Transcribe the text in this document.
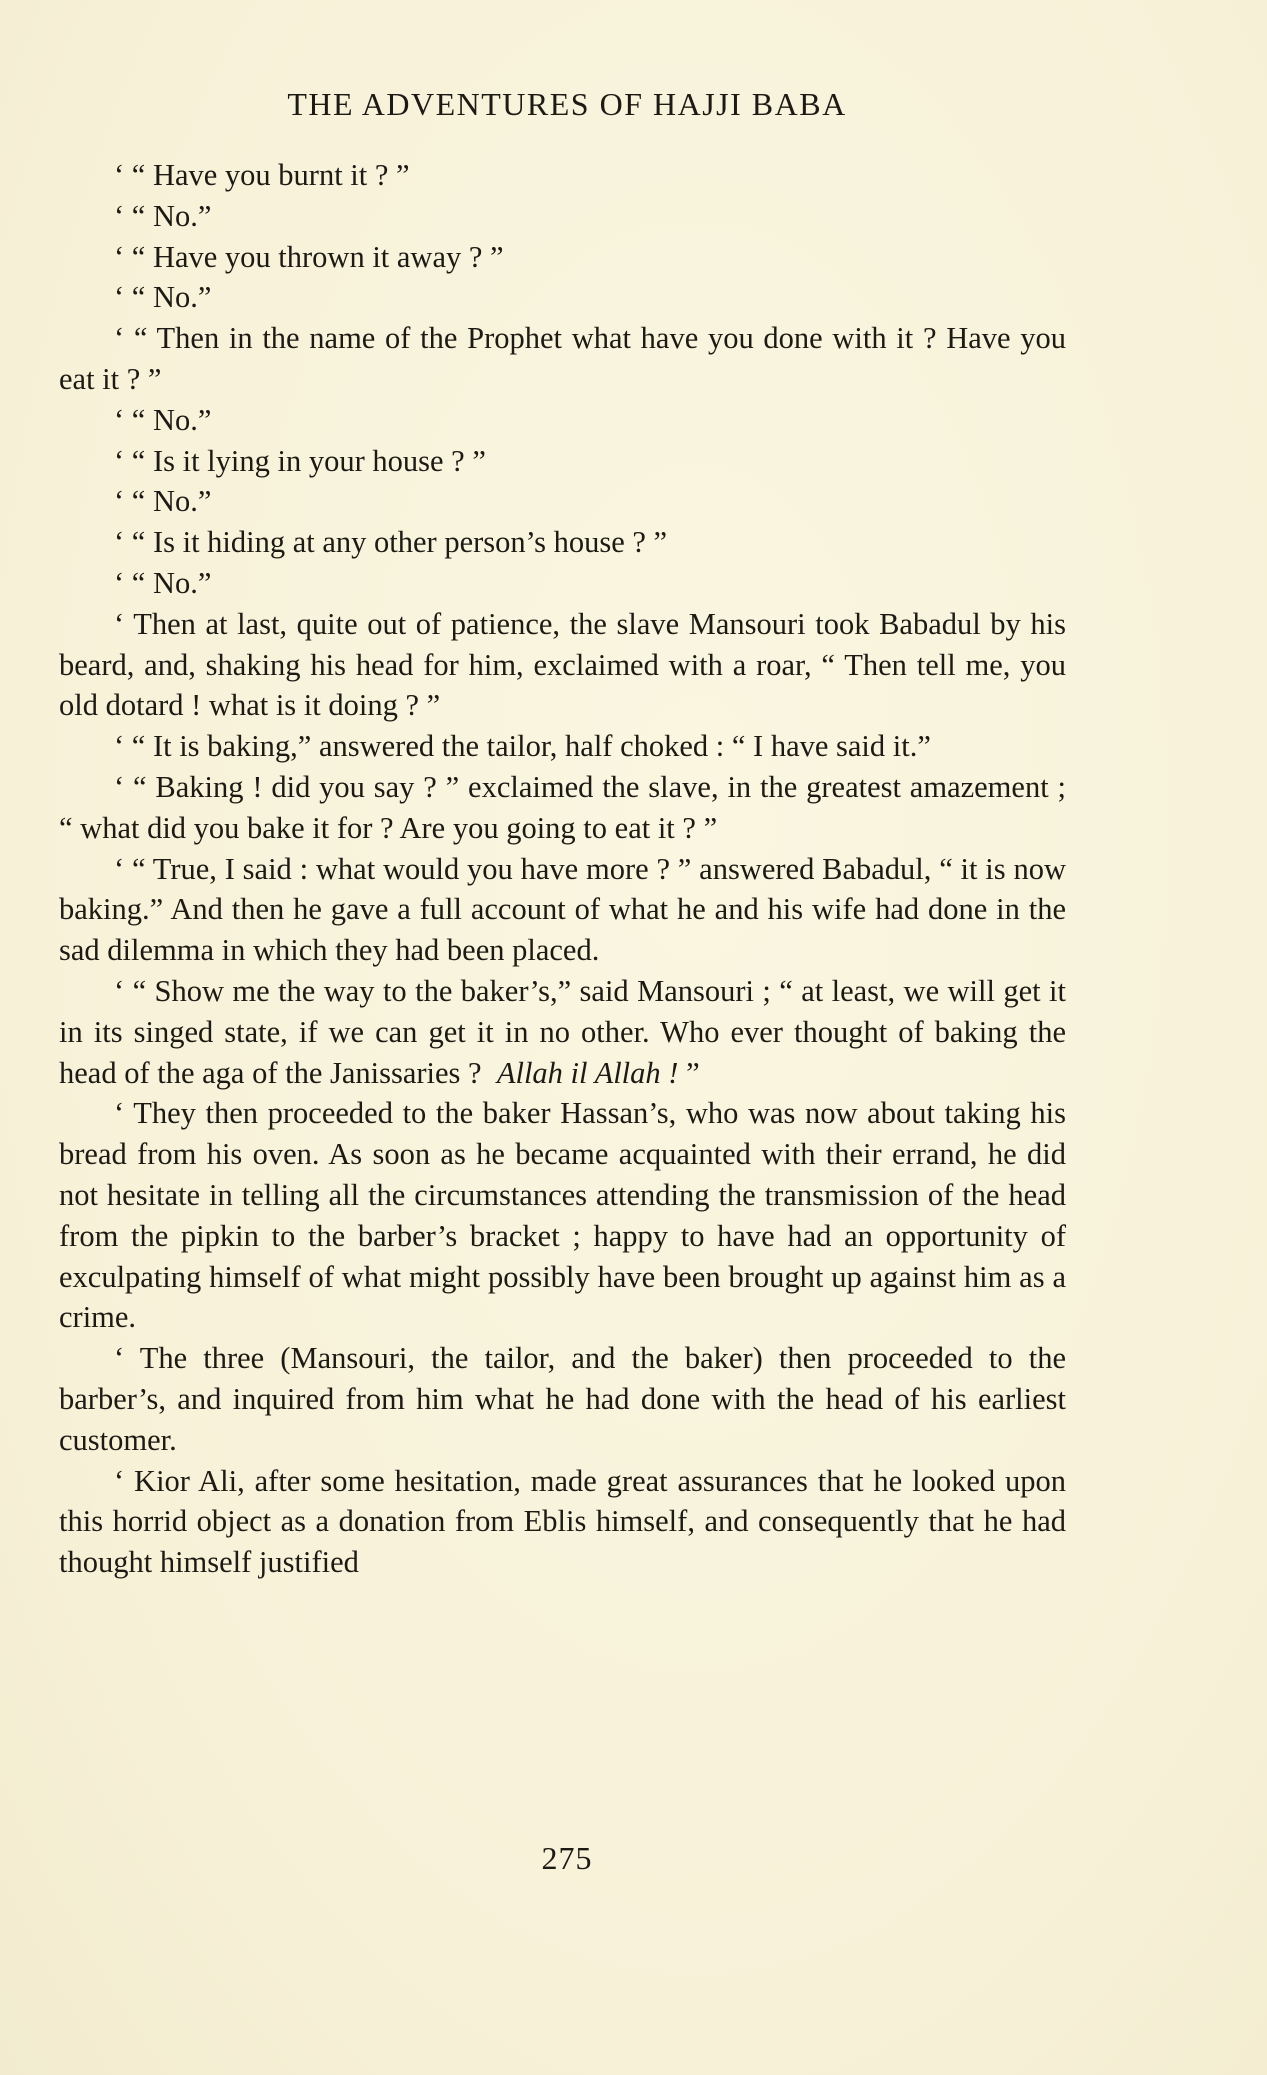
THE ADVENTURES OF HAJJI BABA

‘ “ Have you burnt it ? ”

‘ “ No.”

‘ “ Have you thrown it away ? ”

‘ “ No.”

‘ “ Then in the name of the Prophet what have you done with it ? Have you eat it ? ”

‘ “ No.”

‘ “ Is it lying in your house ? ”

‘ “ No.”

‘ “ Is it hiding at any other person’s house ? ”

‘ “ No.”

‘ Then at last, quite out of patience, the slave Mansouri took Babadul by his beard, and, shaking his head for him, exclaimed with a roar, “ Then tell me, you old dotard ! what is it doing ? ”

‘ “ It is baking,” answered the tailor, half choked : “ I have said it.”

‘ “ Baking ! did you say ? ” exclaimed the slave, in the greatest amazement ; “ what did you bake it for ? Are you going to eat it ? ”

‘ “ True, I said : what would you have more ? ” answered Babadul, “ it is now baking.” And then he gave a full account of what he and his wife had done in the sad dilemma in which they had been placed.

‘ “ Show me the way to the baker’s,” said Mansouri ; “ at least, we will get it in its singed state, if we can get it in no other. Who ever thought of baking the head of the aga of the Janissaries ? Allah il Allah ! ”

‘ They then proceeded to the baker Hassan’s, who was now about taking his bread from his oven. As soon as he became acquainted with their errand, he did not hesitate in telling all the circumstances attending the transmission of the head from the pipkin to the barber’s bracket ; happy to have had an opportunity of exculpating himself of what might possibly have been brought up against him as a crime.

‘ The three (Mansouri, the tailor, and the baker) then proceeded to the barber’s, and inquired from him what he had done with the head of his earliest customer.

‘ Kior Ali, after some hesitation, made great assurances that he looked upon this horrid object as a donation from Eblis himself, and consequently that he had thought himself justified

275
